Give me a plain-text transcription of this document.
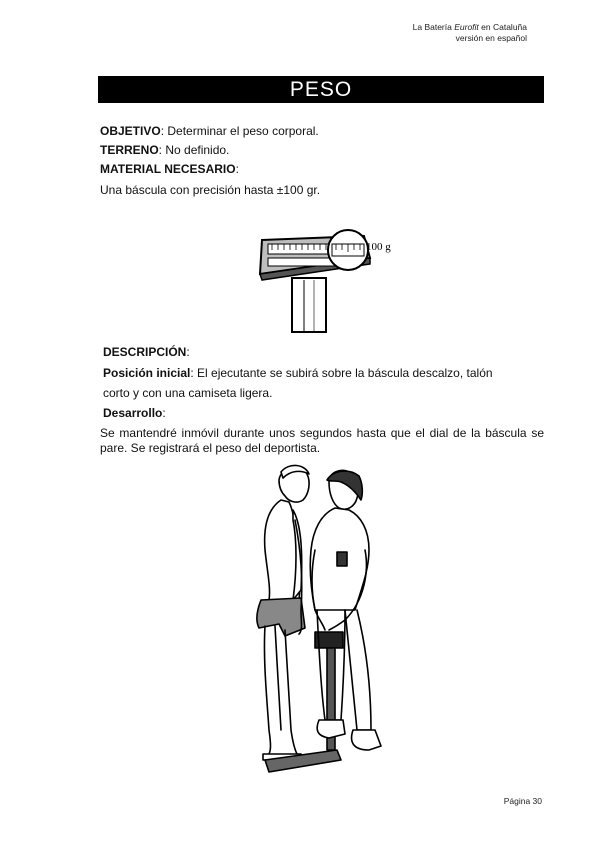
La Batería Eurofit en Cataluña
versión en español
PESO
OBJETIVO: Determinar el peso corporal.
TERRENO: No definido.
MATERIAL NECESARIO:
Una báscula con precisión hasta ±100 gr.
100 g
DESCRIPCIÓN:
Posición inicial: El ejecutante se subirá sobre la báscula descalzo, talón
corto y con una camiseta ligera.
Desarrollo:
Se mantendré inmóvil durante unos segundos hasta que el dial de la báscula se
pare. Se registrará el peso del deportista.
Página 30
